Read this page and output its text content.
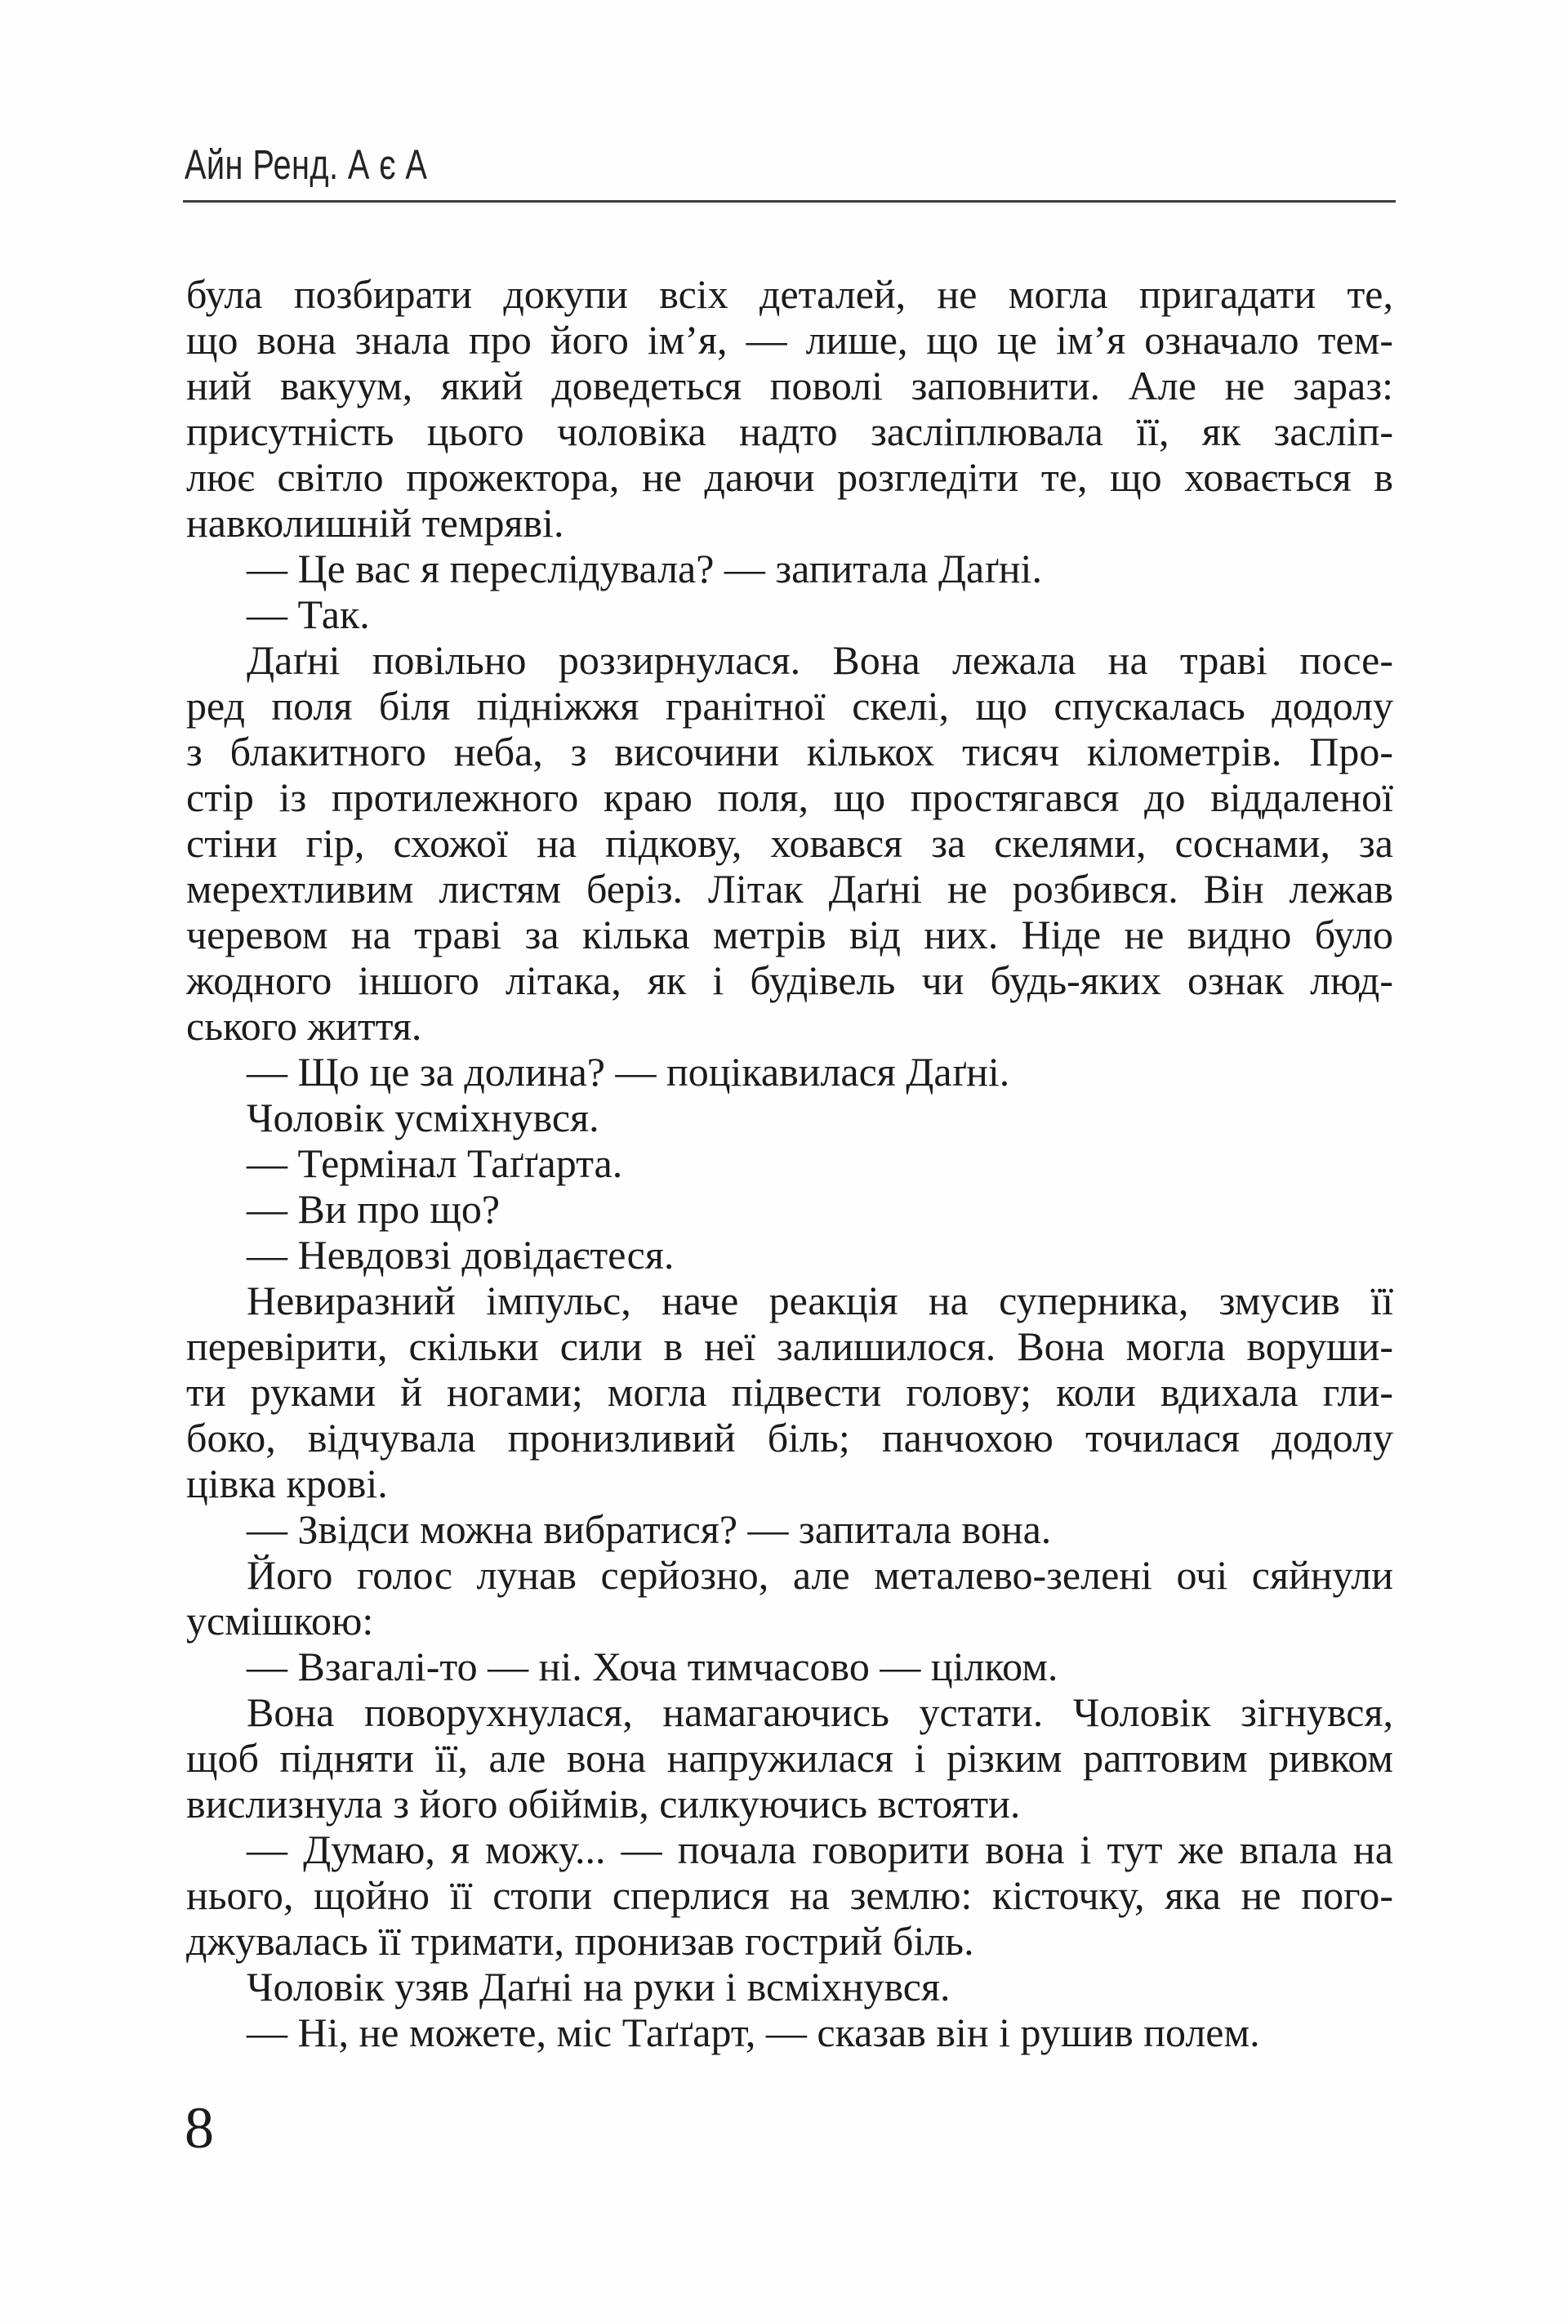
Айн Ренд. А є А
була позбирати докупи всіх деталей, не могла пригадати те,
що вона знала про його ім’я, — лише, що це ім’я означало тем-
ний вакуум, який доведеться поволі заповнити. Але не зараз:
присутність цього чоловіка надто засліплювала її, як засліп-
лює світло прожектора, не даючи розгледіти те, що ховається в
навколишній темряві.
— Це вас я переслідувала? — запитала Даґні.
— Так.
Даґні повільно роззирнулася. Вона лежала на траві посе-
ред поля біля підніжжя гранітної скелі, що спускалась додолу
з блакитного неба, з височини кількох тисяч кілометрів. Про-
стір із протилежного краю поля, що простягався до віддаленої
стіни гір, схожої на підкову, ховався за скелями, соснами, за
мерехтливим листям беріз. Літак Даґні не розбився. Він лежав
черевом на траві за кілька метрів від них. Ніде не видно було
жодного іншого літака, як і будівель чи будь-яких ознак люд-
ського життя.
— Що це за долина? — поцікавилася Даґні.
Чоловік усміхнувся.
— Термінал Таґґарта.
— Ви про що?
— Невдовзі довідаєтеся.
Невиразний імпульс, наче реакція на суперника, змусив її
перевірити, скільки сили в неї залишилося. Вона могла воруши-
ти руками й ногами; могла підвести голову; коли вдихала гли-
боко, відчувала пронизливий біль; панчохою точилася додолу
цівка крові.
— Звідси можна вибратися? — запитала вона.
Його голос лунав серйозно, але металево-зелені очі сяйнули
усмішкою:
— Взагалі-то — ні. Хоча тимчасово — цілком.
Вона поворухнулася, намагаючись устати. Чоловік зігнувся,
щоб підняти її, але вона напружилася і різким раптовим ривком
вислизнула з його обіймів, силкуючись встояти.
— Думаю, я можу... — почала говорити вона і тут же впала на
нього, щойно її стопи сперлися на землю: кісточку, яка не пого-
джувалась її тримати, пронизав гострий біль.
Чоловік узяв Даґні на руки і всміхнувся.
— Ні, не можете, міс Таґґарт, — сказав він і рушив полем.
8
